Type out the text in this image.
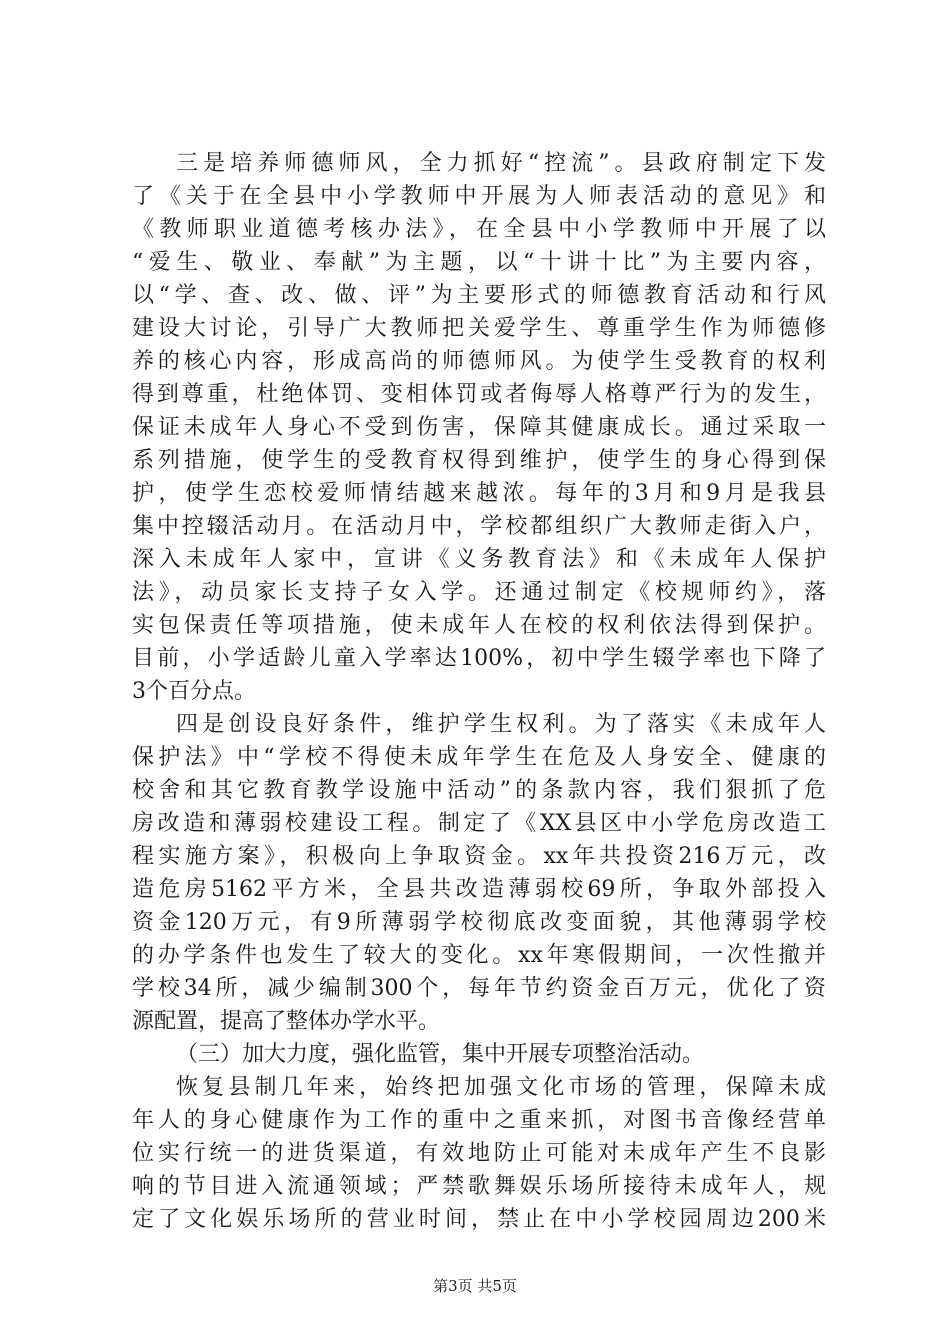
三是培养师德师风，全力抓好“控流”。县政府制定下发
了《关于在全县中小学教师中开展为人师表活动的意见》和
《教师职业道德考核办法》，在全县中小学教师中开展了以
“爱生、敬业、奉献”为主题，以“十讲十比”为主要内容，
以“学、查、改、做、评”为主要形式的师德教育活动和行风
建设大讨论，引导广大教师把关爱学生、尊重学生作为师德修
养的核心内容，形成高尚的师德师风。为使学生受教育的权利
得到尊重，杜绝体罚、变相体罚或者侮辱人格尊严行为的发生，
保证未成年人身心不受到伤害，保障其健康成长。通过采取一
系列措施，使学生的受教育权得到维护，使学生的身心得到保
护，使学生恋校爱师情结越来越浓。每年的3月和9月是我县
集中控辍活动月。在活动月中，学校都组织广大教师走街入户，
深入未成年人家中，宣讲《义务教育法》和《未成年人保护
法》，动员家长支持子女入学。还通过制定《校规师约》，落
实包保责任等项措施，使未成年人在校的权利依法得到保护。
目前，小学适龄儿童入学率达100%，初中学生辍学率也下降了
3个百分点。
四是创设良好条件，维护学生权利。为了落实《未成年人
保护法》中“学校不得使未成年学生在危及人身安全、健康的
校舍和其它教育教学设施中活动”的条款内容，我们狠抓了危
房改造和薄弱校建设工程。制定了《XX县区中小学危房改造工
程实施方案》，积极向上争取资金。xx年共投资216万元，改
造危房5162平方米，全县共改造薄弱校69所，争取外部投入
资金120万元，有9所薄弱学校彻底改变面貌，其他薄弱学校
的办学条件也发生了较大的变化。xx年寒假期间，一次性撤并
学校34所，减少编制300个，每年节约资金百万元，优化了资
源配置，提高了整体办学水平。
（三）加大力度，强化监管，集中开展专项整治活动。
恢复县制几年来，始终把加强文化市场的管理，保障未成
年人的身心健康作为工作的重中之重来抓，对图书音像经营单
位实行统一的进货渠道，有效地防止可能对未成年产生不良影
响的节目进入流通领域；严禁歌舞娱乐场所接待未成年人，规
定了文化娱乐场所的营业时间，禁止在中小学校园周边200米
第3页 共5页
